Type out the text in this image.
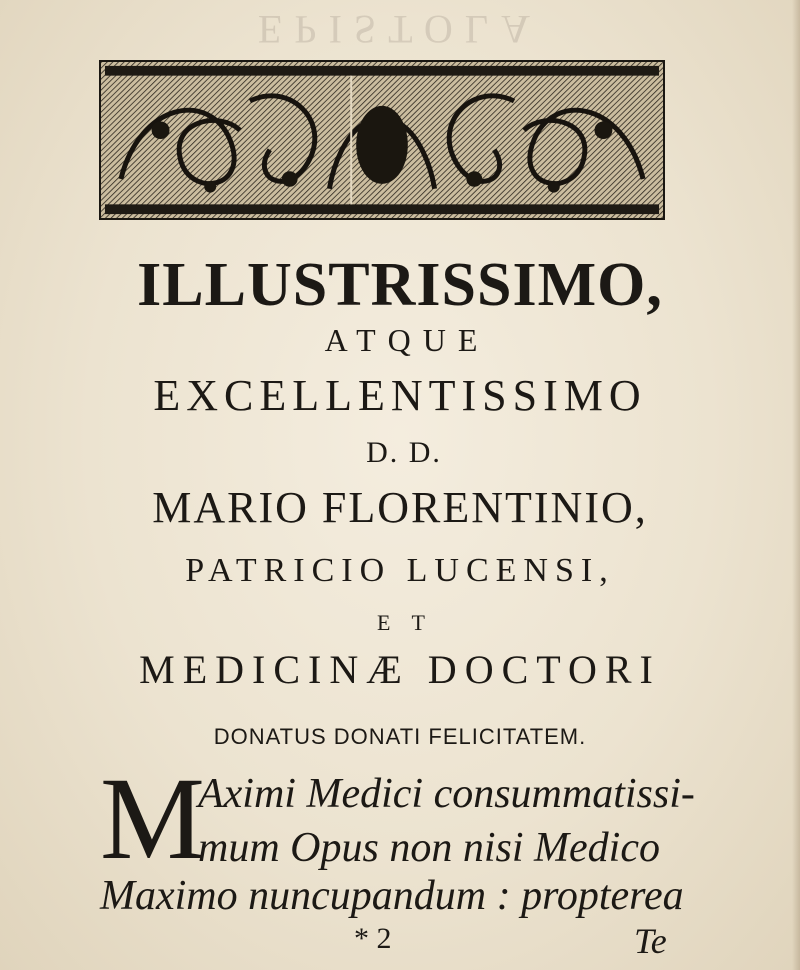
EPISTOLA
ILLUSTRISSIMO,
ATQUE
EXCELLENTISSIMO
D. D.
MARIO FLORENTINIO,
PATRICIO LUCENSI,
E T
MEDICINÆ DOCTORI
DONATUS DONATI FELICITATEM.
M
Aximi Medici consummatissi-
mum Opus non nisi Medico
Maximo nuncupandum : propterea
* 2	Te
